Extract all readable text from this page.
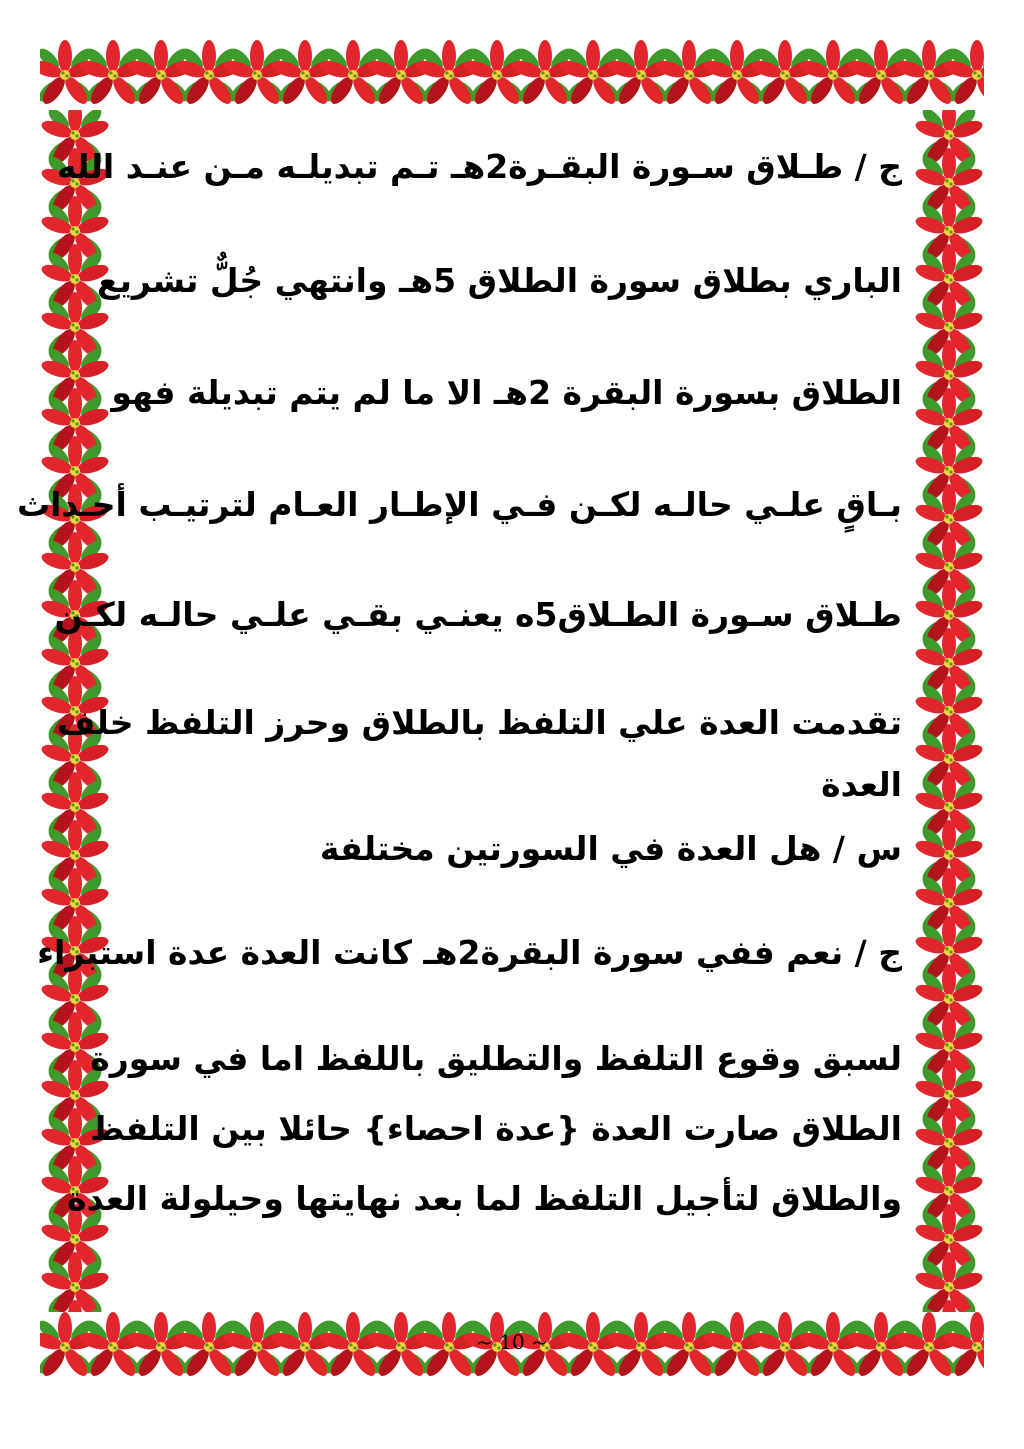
ج / طـلاق سـورة البقـرة2هـ تـم تبديلـه مـن عنـد الله

الباري بطلاق سورة الطلاق 5هـ وانتهي جُلٌّ تشريع

الطلاق بسورة البقرة 2هـ الا ما لم يتم تبديلة فهو

بـاقٍ علـي حالـه لكـن فـي الإطـار العـام لترتيـب أحـداث

طـلاق سـورة الطـلاق5ه يعنـي بقـي علـي حالـه لكـن

تقدمت العدة علي التلفظ بالطلاق وحرز التلفظ خلف

العدة

س / هل العدة في السورتين مختلفة

ج / نعم ففي سورة البقرة2هـ كانت العدة عدة استبراء

لسبق وقوع التلفظ والتطليق باللفظ اما في سورة

الطلاق صارت العدة {عدة احصاء} حائلا بين التلفظ

والطلاق لتأجيل التلفظ لما بعد نهايتها وحيلولة العدة

~ 10 ~
